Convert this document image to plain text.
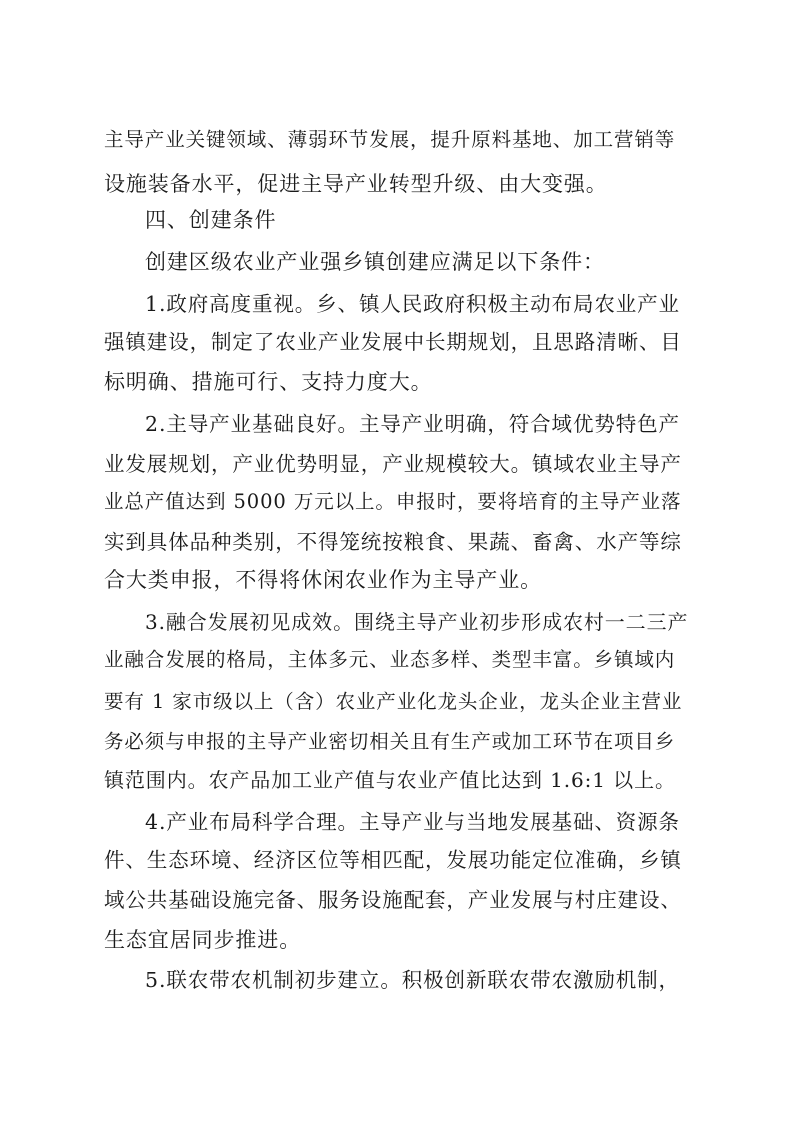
主导产业关键领域、薄弱环节发展，提升原料基地、加工营销等
设施装备水平，促进主导产业转型升级、由大变强。
四、创建条件
创建区级农业产业强乡镇创建应满足以下条件：
1.政府高度重视。乡、镇人民政府积极主动布局农业产业
强镇建设，制定了农业产业发展中长期规划，且思路清晰、目
标明确、措施可行、支持力度大。
2.主导产业基础良好。主导产业明确，符合域优势特色产
业发展规划，产业优势明显，产业规模较大。镇域农业主导产
业总产值达到 5000 万元以上。申报时，要将培育的主导产业落
实到具体品种类别，不得笼统按粮食、果蔬、畜禽、水产等综
合大类申报，不得将休闲农业作为主导产业。
3.融合发展初见成效。围绕主导产业初步形成农村一二三产
业融合发展的格局，主体多元、业态多样、类型丰富。乡镇域内
要有 1 家市级以上（含）农业产业化龙头企业，龙头企业主营业
务必须与申报的主导产业密切相关且有生产或加工环节在项目乡
镇范围内。农产品加工业产值与农业产值比达到 1.6:1 以上。
4.产业布局科学合理。主导产业与当地发展基础、资源条
件、生态环境、经济区位等相匹配，发展功能定位准确，乡镇
域公共基础设施完备、服务设施配套，产业发展与村庄建设、
生态宜居同步推进。
5.联农带农机制初步建立。积极创新联农带农激励机制，
